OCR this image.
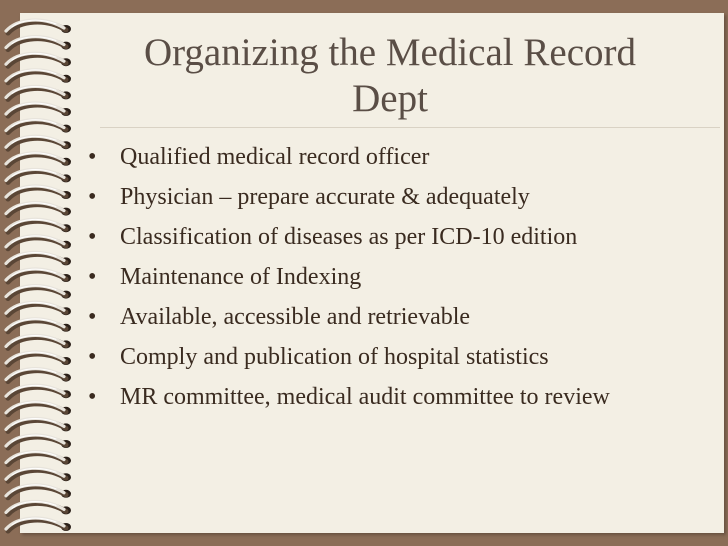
Organizing the Medical Record Dept
• Qualified medical record officer
• Physician – prepare accurate & adequately
• Classification of diseases as per ICD-10 edition
• Maintenance of Indexing
• Available, accessible and retrievable
• Comply and publication of hospital statistics
• MR committee, medical audit committee to review
